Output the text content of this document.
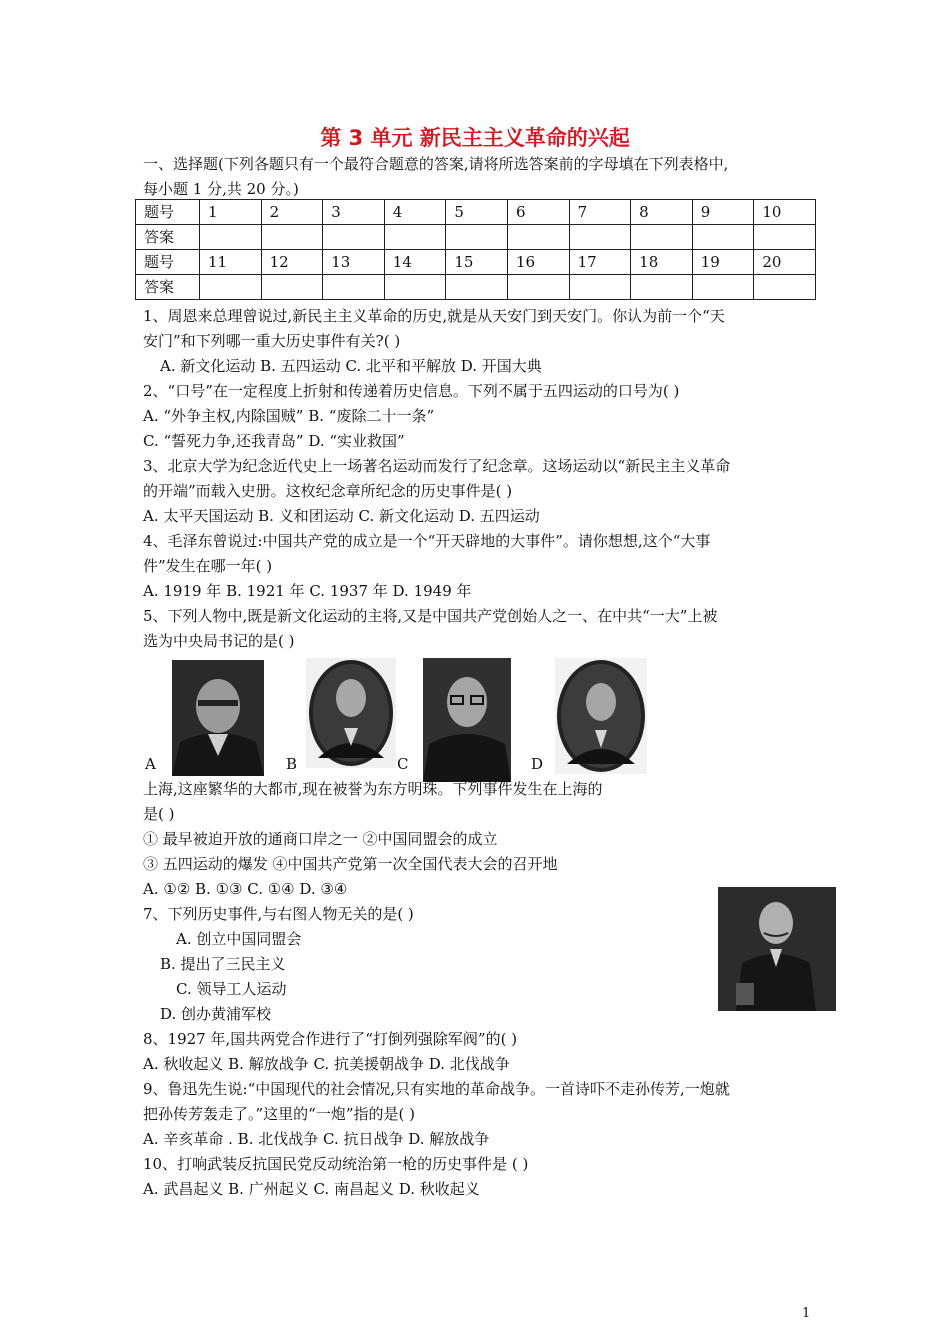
第 3 单元 新民主主义革命的兴起
一、选择题(下列各题只有一个最符合题意的答案,请将所选答案前的字母填在下列表格中,
每小题 1 分,共 20 分。)
题号	1	2	3	4	5	6	7	8	9	10
答案										
题号	11	12	13	14	15	16	17	18	19	20
答案										
1、周恩来总理曾说过,新民主主义革命的历史,就是从天安门到天安门。你认为前一个“天
安门”和下列哪一重大历史事件有关?( )
A. 新文化运动 B. 五四运动 C. 北平和平解放 D. 开国大典
2、“口号”在一定程度上折射和传递着历史信息。下列不属于五四运动的口号为( )
A. “外争主权,内除国贼” B. “废除二十一条”
C. “誓死力争,还我青岛” D. “实业救国”
3、北京大学为纪念近代史上一场著名运动而发行了纪念章。这场运动以“新民主主义革命
的开端”而载入史册。这枚纪念章所纪念的历史事件是( )
A. 太平天国运动 B. 义和团运动 C. 新文化运动 D. 五四运动
4、毛泽东曾说过:中国共产党的成立是一个“开天辟地的大事件”。请你想想,这个“大事
件”发生在哪一年( )
A. 1919 年 B. 1921 年 C. 1937 年 D. 1949 年
5、下列人物中,既是新文化运动的主将,又是中国共产党创始人之一、在中共“一大”上被
选为中央局书记的是( )
A	B	C	D
上海,这座繁华的大都市,现在被誉为东方明珠。下列事件发生在上海的
是( )
① 最早被迫开放的通商口岸之一 ②中国同盟会的成立
③ 五四运动的爆发 ④中国共产党第一次全国代表大会的召开地
A. ①② B. ①③ C. ①④ D. ③④
7、下列历史事件,与右图人物无关的是( )
A. 创立中国同盟会
B. 提出了三民主义
C. 领导工人运动
D. 创办黄浦军校
8、1927 年,国共两党合作进行了“打倒列强除军阀”的( )
A. 秋收起义 B. 解放战争 C. 抗美援朝战争 D. 北伐战争
9、鲁迅先生说:“中国现代的社会情况,只有实地的革命战争。一首诗吓不走孙传芳,一炮就
把孙传芳轰走了。”这里的“一炮”指的是( )
A. 辛亥革命 . B. 北伐战争 C. 抗日战争 D. 解放战争
10、打响武装反抗国民党反动统治第一枪的历史事件是 ( )
A. 武昌起义 B. 广州起义 C. 南昌起义 D. 秋收起义
1
